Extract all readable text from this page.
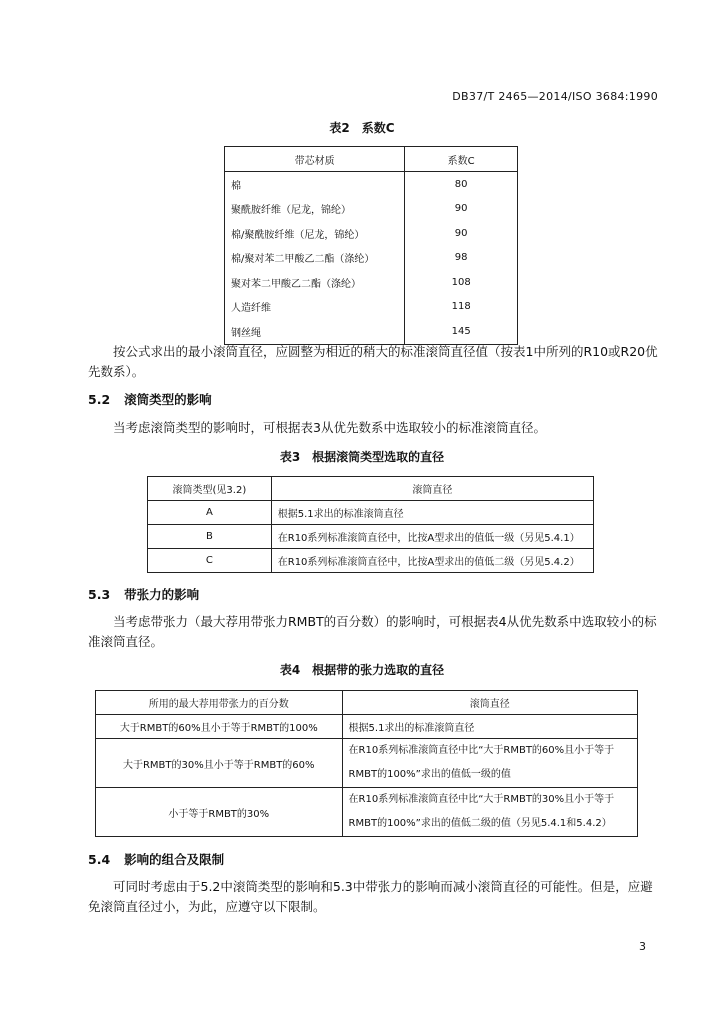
DB37/T 2465—2014/ISO 3684:1990
表2　系数C
带芯材质	系数C
棉	80
聚酰胺纤维（尼龙，锦纶）	90
棉/聚酰胺纤维（尼龙，锦纶）	90
棉/聚对苯二甲酸乙二酯（涤纶）	98
聚对苯二甲酸乙二酯（涤纶）	108
人造纤维	118
钢丝绳	145
按公式求出的最小滚筒直径，应圆整为相近的稍大的标准滚筒直径值（按表1中所列的R10或R20优
先数系）。
5.2 滚筒类型的影响
当考虑滚筒类型的影响时，可根据表3从优先数系中选取较小的标准滚筒直径。
表3　根据滚筒类型选取的直径
滚筒类型(见3.2)	滚筒直径
A	根据5.1求出的标准滚筒直径
B	在R10系列标准滚筒直径中，比按A型求出的值低一级（另见5.4.1）
C	在R10系列标准滚筒直径中，比按A型求出的值低二级（另见5.4.2）
5.3 带张力的影响
当考虑带张力（最大荐用带张力RMBT的百分数）的影响时，可根据表4从优先数系中选取较小的标
准滚筒直径。
表4　根据带的张力选取的直径
所用的最大荐用带张力的百分数	滚筒直径
大于RMBT的60%且小于等于RMBT的100%	根据5.1求出的标准滚筒直径

大于RMBT的30%且小于等于RMBT的60%	在R10系列标准滚筒直径中比“大于RMBT的60%且小于等于
RMBT的100%”求出的值低一级的值

小于等于RMBT的30%	在R10系列标准滚筒直径中比“大于RMBT的30%且小于等于
RMBT的100%”求出的值低二级的值（另见5.4.1和5.4.2）
5.4 影响的组合及限制
可同时考虑由于5.2中滚筒类型的影响和5.3中带张力的影响而减小滚筒直径的可能性。但是，应避
免滚筒直径过小，为此，应遵守以下限制。
3
